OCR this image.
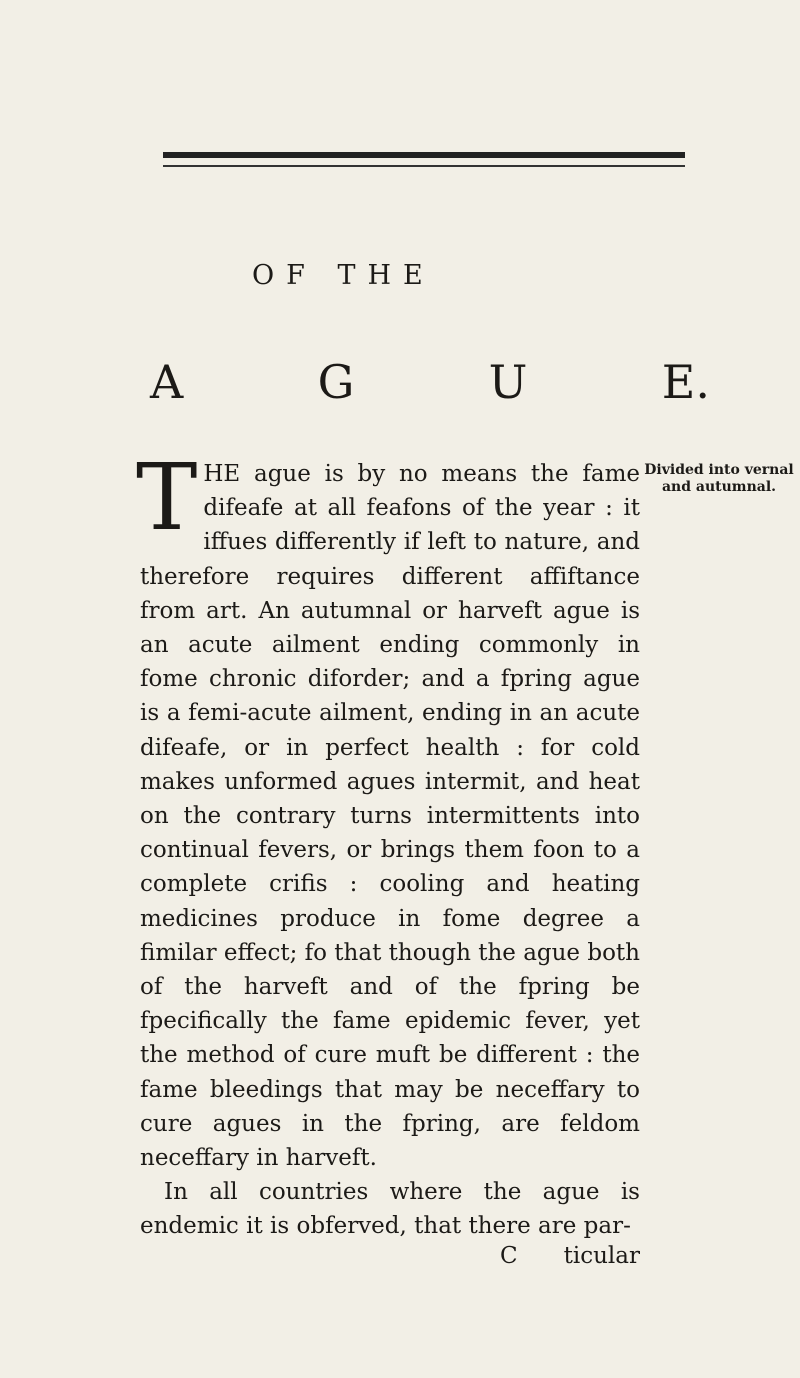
OF THE
A	G	U	E.
Divided into vernal and autumnal.

THE ague is by no means the fame difeafe at all feafons of the year : it iffues differently if left to nature, and therefore requires different affiftance from art. An autumnal or harveft ague is an acute ailment ending commonly in fome chronic diforder; and a fpring ague is a femi-acute ailment, ending in an acute difeafe, or in perfect health : for cold makes unformed agues intermit, and heat on the contrary turns intermittents into continual fevers, or brings them foon to a complete crifis : cooling and heating medicines produce in fome degree a fimilar effect; fo that though the ague both of the harveft and of the fpring be fpecifically the fame epidemic fever, yet the method of cure muft be different : the fame bleedings that may be neceffary to cure agues in the fpring, are feldom neceffary in harveft.

In all countries where the ague is endemic it is obferved, that there are par-

C ticular
